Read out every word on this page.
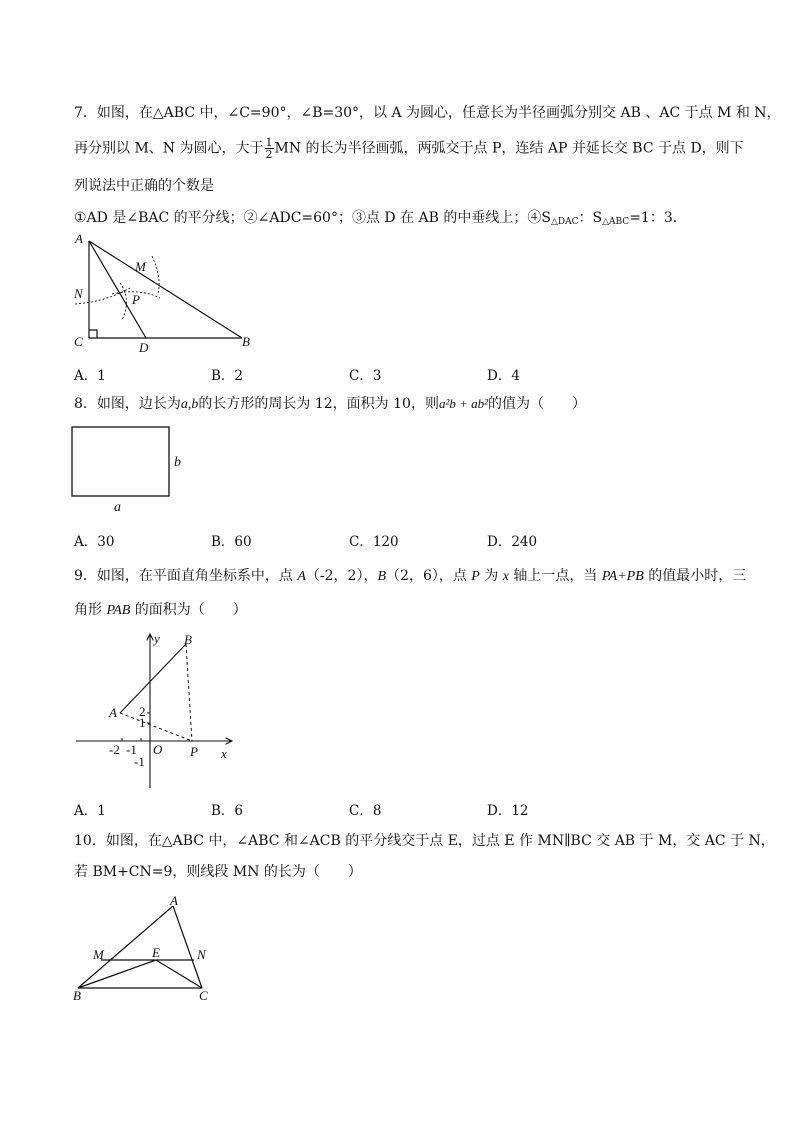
7．如图，在△ABC 中，∠C=90°，∠B=30°，以 A 为圆心，任意长为半径画弧分别交 AB 、AC 于点 M 和 N，
再分别以 M、N 为圆心，大于 $\frac{1}{2}$ MN 的长为半径画弧，两弧交于点 P，连结 AP 并延长交 BC 于点 D，则下
列说法中正确的个数是
①AD 是∠BAC 的平分线；②∠ADC=60°；③点 D 在 AB 的中垂线上；$④S_{\triangle DAC}$：$S_{\triangle ABC}=1$：3．
A
B
C	D
M
N	P
A．1	B．2	C．3	D．4
8．如图，边长为a,b的长方形的周长为 12，面积为 10，则a²b + ab²的值为（　　）
b
a
A．30	B．60	C．120	D．240
9．如图，在平面直角坐标系中，点 A（-2，2），B（2，6），点 P 为 x 轴上一点，当 PA+PB 的值最小时，三
角形 PAB 的面积为（　　）
y
x
B
A
P
O
2
1
-2 -1
-1
A．1	B．6	C．8	D．12
10．如图，在△ABC 中，∠ABC 和∠ACB 的平分线交于点 E，过点 E 作 MN∥BC 交 AB 于 M，交 AC 于 N，
若 BM+CN=9，则线段 MN 的长为（　　）
A
B	C
M	N
E
